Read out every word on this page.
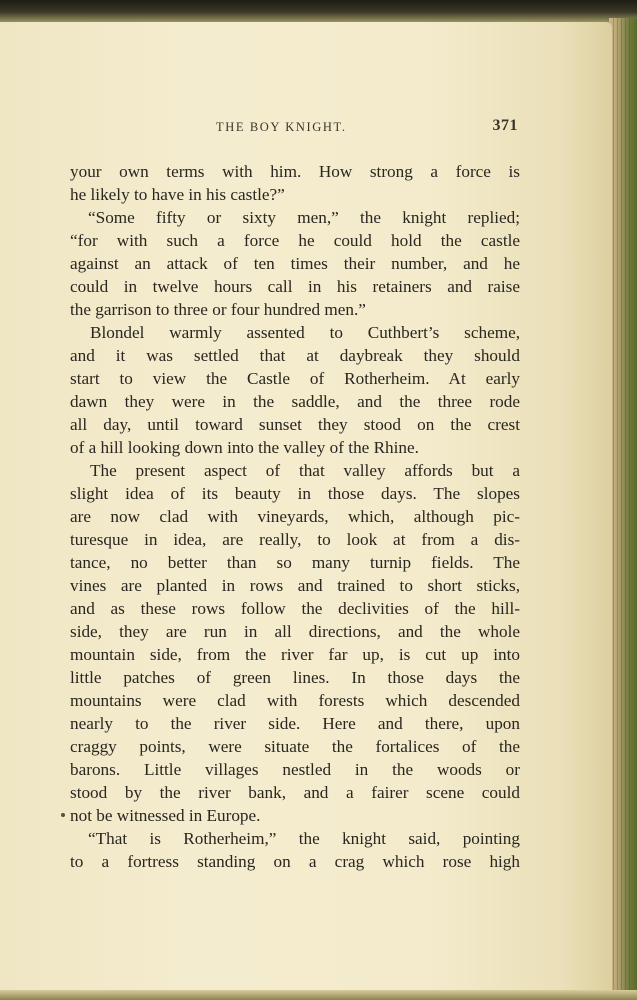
THE BOY KNIGHT.	371
your own terms with him. How strong a force is
he likely to have in his castle?”
“Some fifty or sixty men,” the knight replied;
“for with such a force he could hold the castle
against an attack of ten times their number, and he
could in twelve hours call in his retainers and raise
the garrison to three or four hundred men.”
Blondel warmly assented to Cuthbert’s scheme,
and it was settled that at daybreak they should
start to view the Castle of Rotherheim. At early
dawn they were in the saddle, and the three rode
all day, until toward sunset they stood on the crest
of a hill looking down into the valley of the Rhine.
The present aspect of that valley affords but a
slight idea of its beauty in those days. The slopes
are now clad with vineyards, which, although pic-
turesque in idea, are really, to look at from a dis-
tance, no better than so many turnip fields. The
vines are planted in rows and trained to short sticks,
and as these rows follow the declivities of the hill-
side, they are run in all directions, and the whole
mountain side, from the river far up, is cut up into
little patches of green lines. In those days the
mountains were clad with forests which descended
nearly to the river side. Here and there, upon
craggy points, were situate the fortalices of the
barons. Little villages nestled in the woods or
stood by the river bank, and a fairer scene could
not be witnessed in Europe.
“That is Rotherheim,” the knight said, pointing
to a fortress standing on a crag which rose high
